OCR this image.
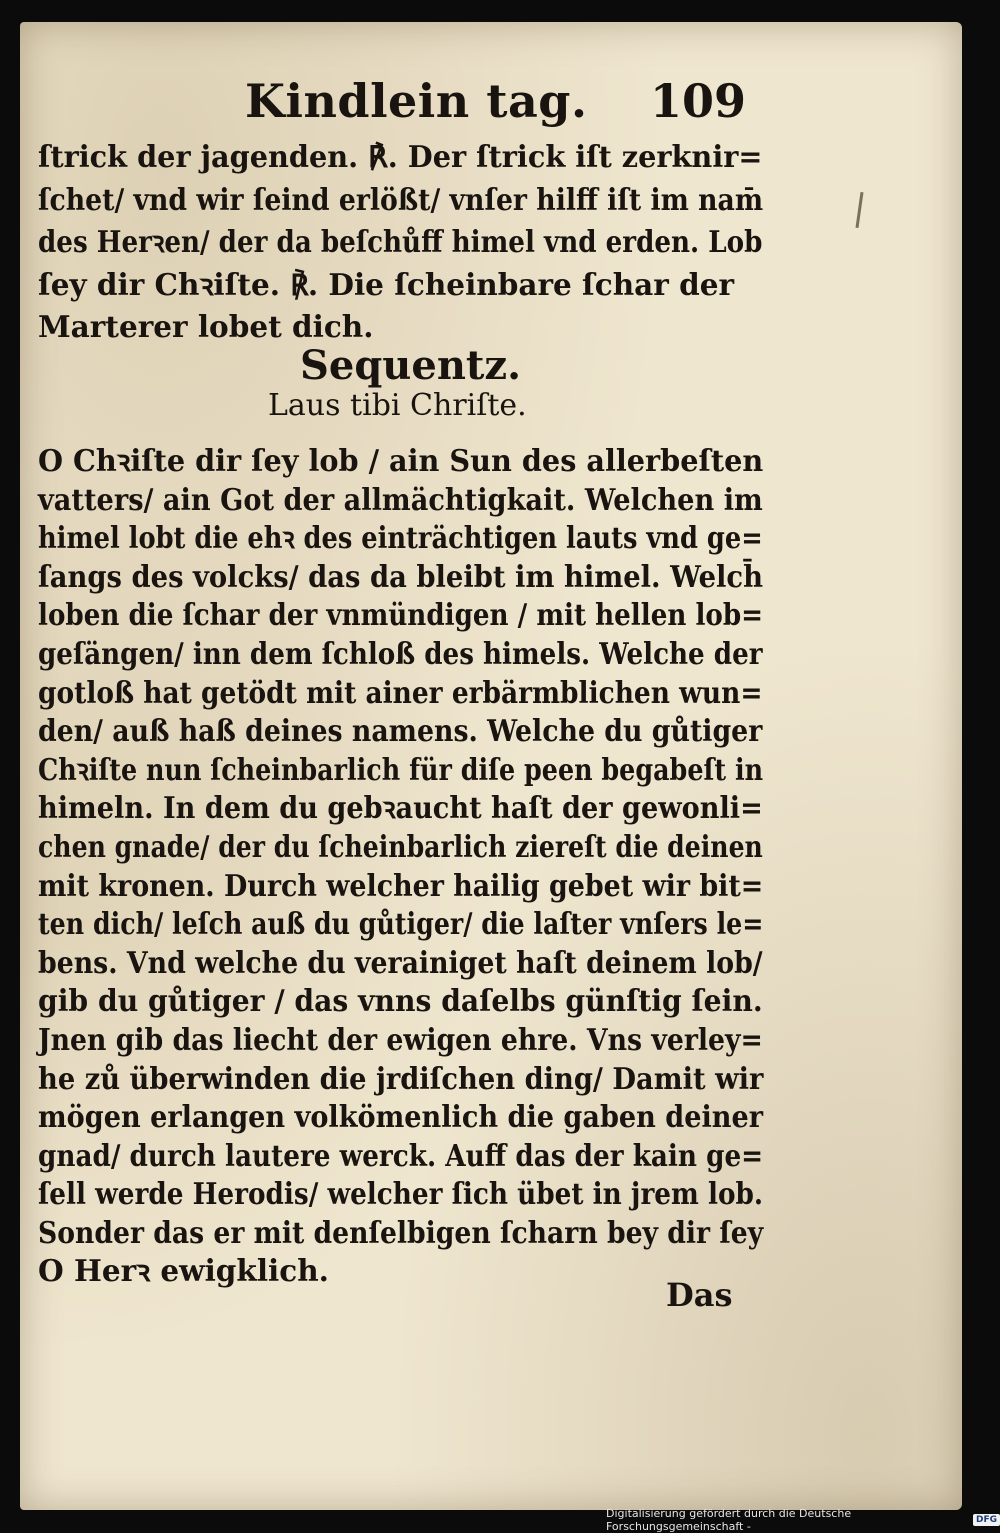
Kindlein tag. 109
ſtrick der jagenden. ℟. Der ſtrick iſt zerknir=
ſchet/ vnd wir ſeind erlößt/ vnſer hilff iſt im nam̄
des Herꝛen/ der da beſchůff himel vnd erden. Lob
ſey dir Chꝛiſte. ℟. Die ſcheinbare ſchar der
Marterer lobet dich.
Sequentz.
Laus tibi Chriſte.
O Chꝛiſte dir ſey lob / ain Sun des allerbeſten
vatters/ ain Got der allmächtigkait. Welchen im
himel lobt die ehꝛ des einträchtigen lauts vnd ge=
ſangs des volcks/ das da bleibt im himel. Welch̄
loben die ſchar der vnmündigen / mit hellen lob=
geſängen/ inn dem ſchloß des himels. Welche der
gotloß hat getödt mit ainer erbärmblichen wun=
den/ auß haß deines namens. Welche du gůtiger
Chꝛiſte nun ſcheinbarlich für diſe peen begabeſt in
himeln. In dem du gebꝛaucht haſt der gewonli=
chen gnade/ der du ſcheinbarlich ziereſt die deinen
mit kronen. Durch welcher hailig gebet wir bit=
ten dich/ leſch auß du gůtiger/ die laſter vnſers le=
bens. Vnd welche du verainiget haſt deinem lob/
gib du gůtiger / das vnns daſelbs günſtig ſein.
Jnen gib das liecht der ewigen ehre. Vns verley=
he zů überwinden die jrdiſchen ding/ Damit wir
mögen erlangen volkömenlich die gaben deiner
gnad/ durch lautere werck. Auff das der kain ge=
ſell werde Herodis/ welcher ſich übet in jrem lob.
Sonder das er mit denſelbigen ſcharn bey dir ſey
O Herꝛ ewigklich.
Das
Digitalisierung gefördert durch die Deutsche Forschungsgemeinschaft -	DFG
